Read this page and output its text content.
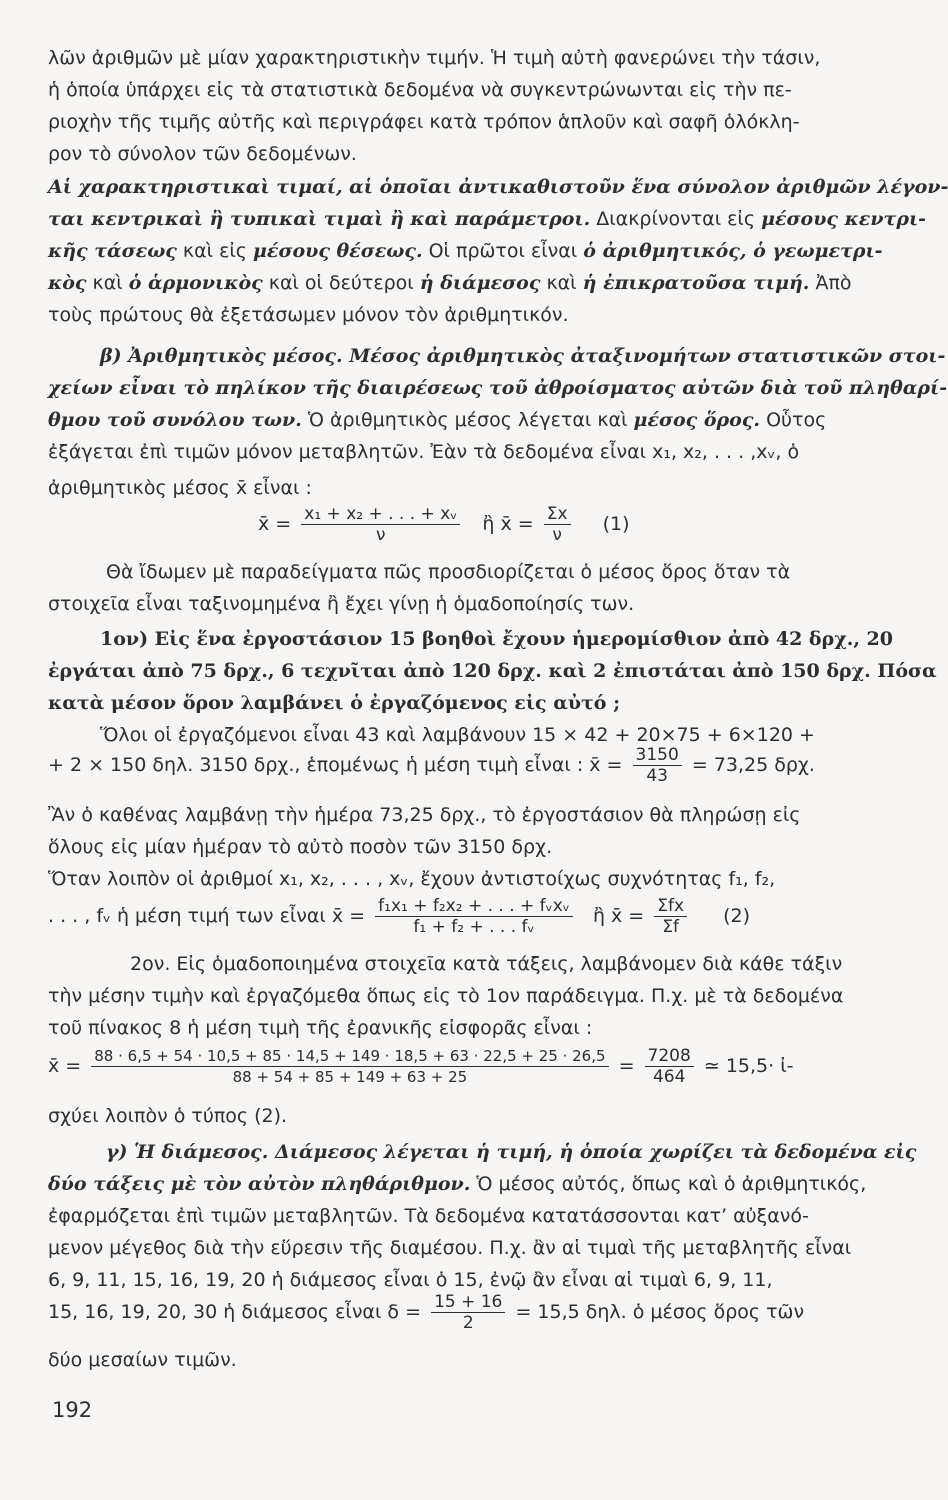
λῶν ἀριθμῶν μὲ μίαν χαρακτηριστικὴν τιμήν. Ἡ τιμὴ αὐτὴ φανερώνει τὴν τάσιν,
ἡ ὁποία ὑπάρχει εἰς τὰ στατιστικὰ δεδομένα νὰ συγκεντρώνωνται εἰς τὴν πε-
ριοχὴν τῆς τιμῆς αὐτῆς καὶ περιγράφει κατὰ τρόπον ἁπλοῦν καὶ σαφῆ ὁλόκλη-
ρον τὸ σύνολον τῶν δεδομένων.
Αἱ χαρακτηριστικαὶ τιμαί, αἱ ὁποῖαι ἀντικαθιστοῦν ἕνα σύνολον ἀριθμῶν λέγον-
ται κεντρικαὶ ἢ τυπικαὶ τιμαὶ ἢ καὶ παράμετροι. Διακρίνονται εἰς μέσους κεντρι-
κῆς τάσεως καὶ εἰς μέσους θέσεως. Οἱ πρῶτοι εἶναι ὁ ἀριθμητικός, ὁ γεωμετρι-
κὸς καὶ ὁ ἁρμονικὸς καὶ οἱ δεύτεροι ἡ διάμεσος καὶ ἡ ἐπικρατοῦσα τιμή. Ἀπὸ
τοὺς πρώτους θὰ ἐξετάσωμεν μόνον τὸν ἀριθμητικόν.
β) Ἀριθμητικὸς μέσος. Μέσος ἀριθμητικὸς ἀταξινομήτων στατιστικῶν στοι-
χείων εἶναι τὸ πηλίκον τῆς διαιρέσεως τοῦ ἀθροίσματος αὐτῶν διὰ τοῦ πληθαρί-
θμου τοῦ συνόλου των. Ὁ ἀριθμητικὸς μέσος λέγεται καὶ μέσος ὅρος. Οὗτος
ἐξάγεται ἐπὶ τιμῶν μόνον μεταβλητῶν. Ἐὰν τὰ δεδομένα εἶναι x₁, x₂, . . . ,xᵥ, ὁ
ἀριθμητικὸς μέσος x̄ εἶναι :
x̄ = $\frac{\text{x₁ + x₂ + . . . + xᵥ}}{\nu}$ ἢ x̄ = $\frac{\Sigma x}{\nu} (1)$
Θὰ ἴδωμεν μὲ παραδείγματα πῶς προσδιορίζεται ὁ μέσος ὅρος ὅταν τὰ
στοιχεῖα εἶναι ταξινομημένα ἢ ἔχει γίνῃ ἡ ὁμαδοποίησίς των.
1ον) Εἰς ἕνα ἐργοστάσιον 15 βοηθοὶ ἔχουν ἡμερομίσθιον ἀπὸ 42 δρχ., 20
ἐργάται ἀπὸ 75 δρχ., 6 τεχνῖται ἀπὸ 120 δρχ. καὶ 2 ἐπιστάται ἀπὸ 150 δρχ. Πόσα
κατὰ μέσον ὅρον λαμβάνει ὁ ἐργαζόμενος εἰς αὐτό ;
Ὅλοι οἱ ἐργαζόμενοι εἶναι 43 καὶ λαμβάνουν 15 × 42 + 20×75 + 6×120 +
+ 2 × 150 δηλ. 3150 δρχ., ἑπομένως ἡ μέση τιμὴ εἶναι : x̄ = $\frac{3150}{43} = 73,25$ δρχ.
Ἂν ὁ καθένας λαμβάνῃ τὴν ἡμέρα 73,25 δρχ., τὸ ἐργοστάσιον θὰ πληρώσῃ εἰς
ὅλους εἰς μίαν ἡμέραν τὸ αὐτὸ ποσὸν τῶν 3150 δρχ.
Ὅταν λοιπὸν οἱ ἀριθμοί x₁, x₂, . . . , xᵥ, ἔχουν ἀντιστοίχως συχνότητας f₁, f₂,
. . . , fᵥ ἡ μέση τιμή των εἶναι x̄ = $\frac{\text{f₁x₁ + f₂x₂ + . . . + fᵥxᵥ}}{\text{f₁ + f₂ + . . . fᵥ}}$ ἢ x̄ = $\frac{\text{Σfx}}{\Sigma f} (2)$
2ον. Εἰς ὁμαδοποιημένα στοιχεῖα κατὰ τάξεις, λαμβάνομεν διὰ κάθε τάξιν
τὴν μέσην τιμὴν καὶ ἐργαζόμεθα ὅπως εἰς τὸ 1ον παράδειγμα. Π.χ. μὲ τὰ δεδομένα
τοῦ πίνακος 8 ἡ μέση τιμὴ τῆς ἐρανικῆς εἰσφορᾶς εἶναι :
x̄ = 88 · 6,5 + 54 · 10,5 + 85 · 14,5 + 149 · 18,5 + 63 · 22,5 + 25 · 26,5
88 + 54 + 85 + 149 + 63 + 25	= $\frac{7208}{464}$ ≃ 15,5· ἰ-
σχύει λοιπὸν ὁ τύπος (2).
γ) Ἡ διάμεσος. Διάμεσος λέγεται ἡ τιμή, ἡ ὁποία χωρίζει τὰ δεδομένα εἰς
δύο τάξεις μὲ τὸν αὐτὸν πληθάριθμον. Ὁ μέσος αὐτός, ὅπως καὶ ὁ ἀριθμητικός,
ἐφαρμόζεται ἐπὶ τιμῶν μεταβλητῶν. Τὰ δεδομένα κατατάσσονται κατ’ αὐξανό-
μενον μέγεθος διὰ τὴν εὕρεσιν τῆς διαμέσου. Π.χ. ἂν αἱ τιμαὶ τῆς μεταβλητῆς εἶναι
6, 9, 11, 15, 16, 19, 20 ἡ διάμεσος εἶναι ὁ 15, ἐνῷ ἂν εἶναι αἱ τιμαὶ 6, 9, 11,
15, 16, 19, 20, 30 ἡ διάμεσος εἶναι $\delta = \frac{15 + 16}{2} = 15,5$ δηλ. ὁ μέσος ὅρος τῶν
δύο μεσαίων τιμῶν.
192
